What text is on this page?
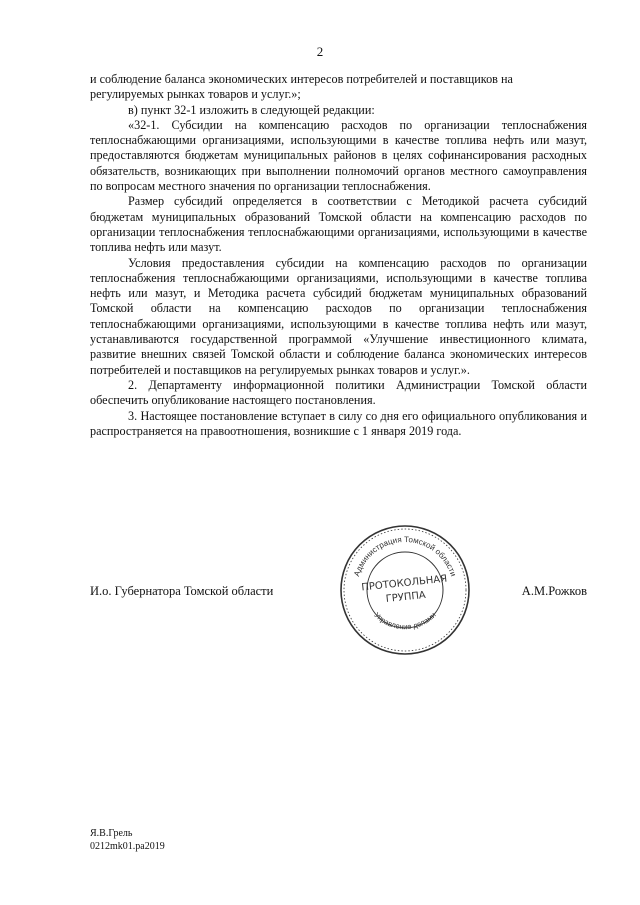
2

и соблюдение баланса экономических интересов потребителей и поставщиков на регулируемых рынках товаров и услуг.»;

в) пункт 32-1 изложить в следующей редакции:

«32-1. Субсидии на компенсацию расходов по организации теплоснабжения теплоснабжающими организациями, использующими в качестве топлива нефть или мазут, предоставляются бюджетам муниципальных районов в целях софинансирования расходных обязательств, возникающих при выполнении полномочий органов местного самоуправления по вопросам местного значения по организации теплоснабжения.

Размер субсидий определяется в соответствии с Методикой расчета субсидий бюджетам муниципальных образований Томской области на компенсацию расходов по организации теплоснабжения теплоснабжающими организациями, использующими в качестве топлива нефть или мазут.

Условия предоставления субсидии на компенсацию расходов по организации теплоснабжения теплоснабжающими организациями, использующими в качестве топлива нефть или мазут, и Методика расчета субсидий бюджетам муниципальных образований Томской области на компенсацию расходов по организации теплоснабжения теплоснабжающими организациями, использующими в качестве топлива нефть или мазут, устанавливаются государственной программой «Улучшение инвестиционного климата, развитие внешних связей Томской области и соблюдение баланса экономических интересов потребителей и поставщиков на регулируемых рынках товаров и услуг.».

2. Департаменту информационной политики Администрации Томской области обеспечить опубликование настоящего постановления.

3. Настоящее постановление вступает в силу со дня его официального опубликования и распространяется на правоотношения, возникшие с 1 января 2019 года.

Администрация Томской области
Управление делами
ПРОТОКОЛЬНАЯ
ГРУППА
И.о. Губернатора Томской области	А.М.Рожков
Я.В.Грель
0212mk01.pa2019
